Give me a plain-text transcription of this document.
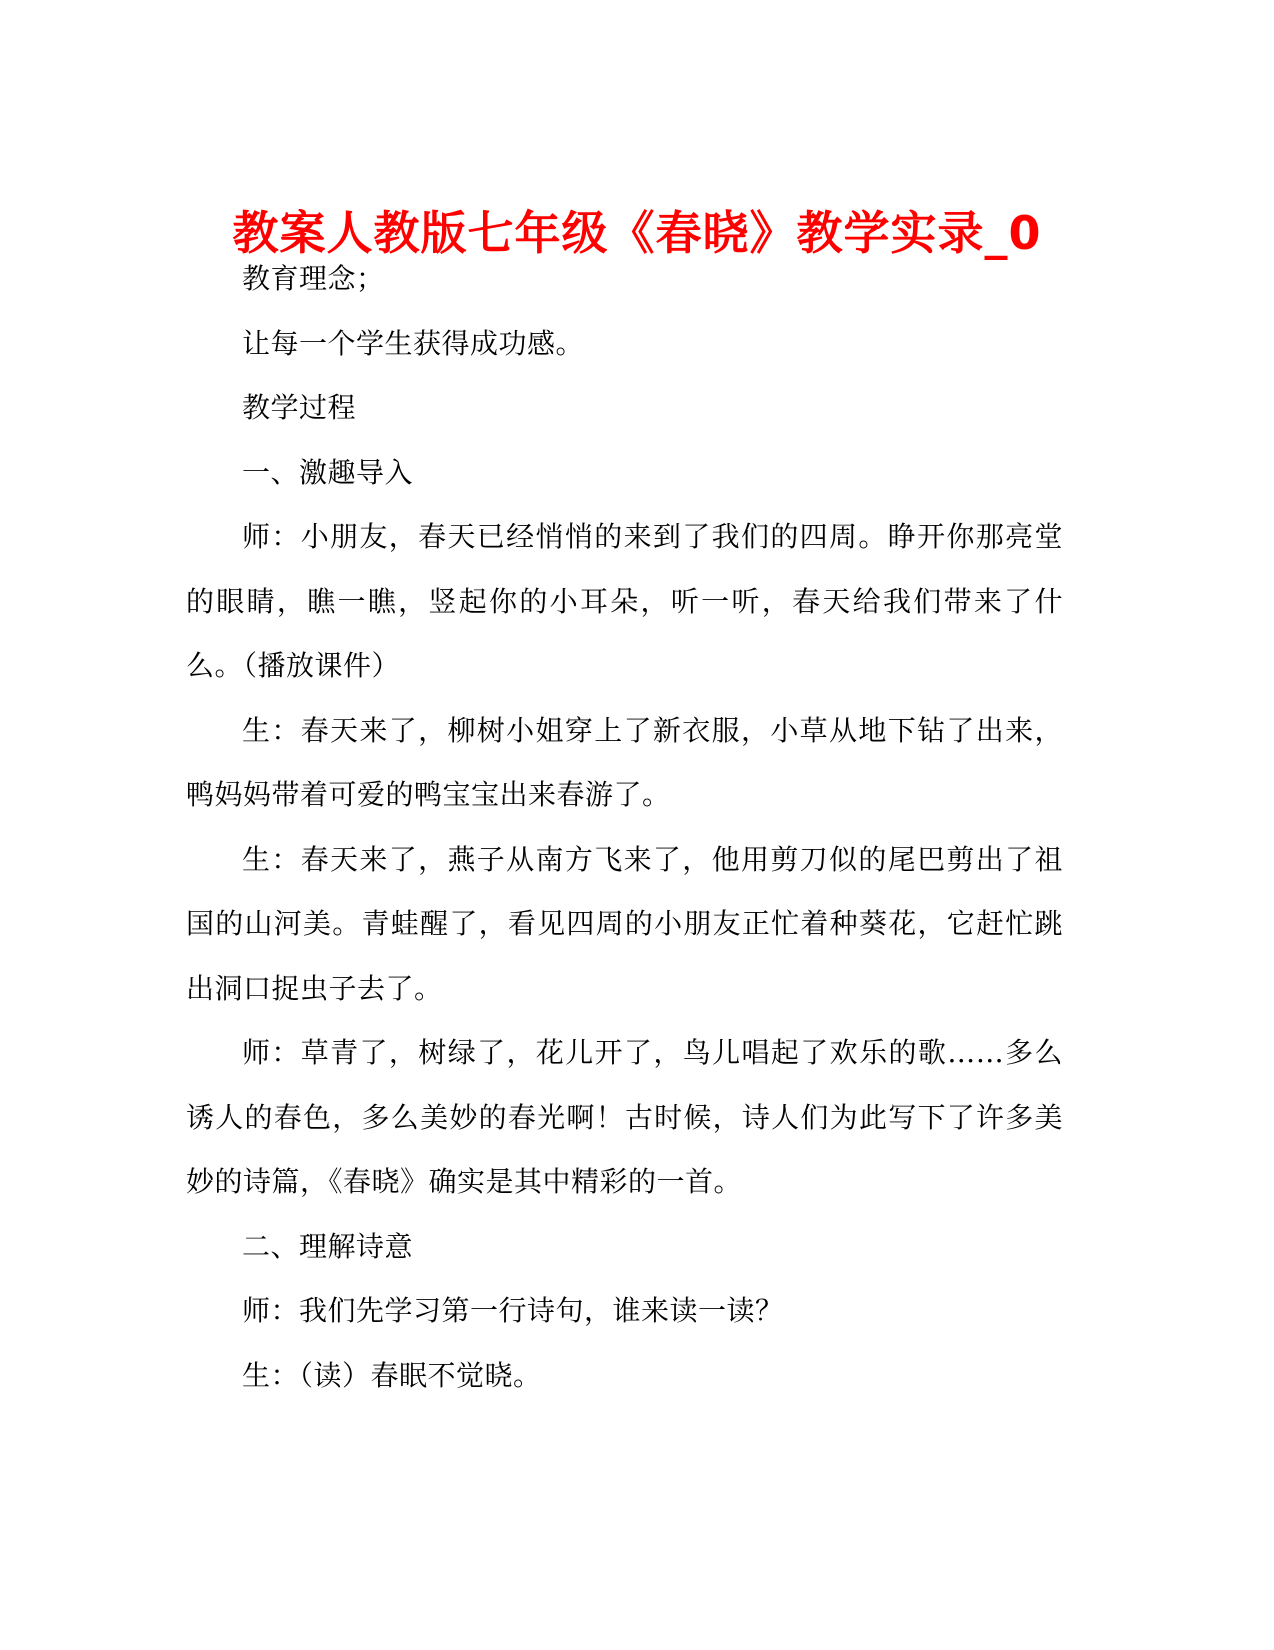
教案人教版七年级《春晓》教学实录_0

教育理念；

让每一个学生获得成功感。

教学过程

一、激趣导入

师：小朋友，春天已经悄悄的来到了我们的四周。睁开你那亮堂的眼睛，瞧一瞧，竖起你的小耳朵，听一听，春天给我们带来了什么。（播放课件）

生：春天来了，柳树小姐穿上了新衣服，小草从地下钻了出来，鸭妈妈带着可爱的鸭宝宝出来春游了。

生：春天来了，燕子从南方飞来了，他用剪刀似的尾巴剪出了祖国的山河美。青蛙醒了，看见四周的小朋友正忙着种葵花，它赶忙跳出洞口捉虫子去了。

师：草青了，树绿了，花儿开了，鸟儿唱起了欢乐的歌……多么诱人的春色，多么美妙的春光啊！古时候，诗人们为此写下了许多美妙的诗篇，《春晓》确实是其中精彩的一首。

二、理解诗意

师：我们先学习第一行诗句，谁来读一读？

生：（读）春眠不觉晓。
